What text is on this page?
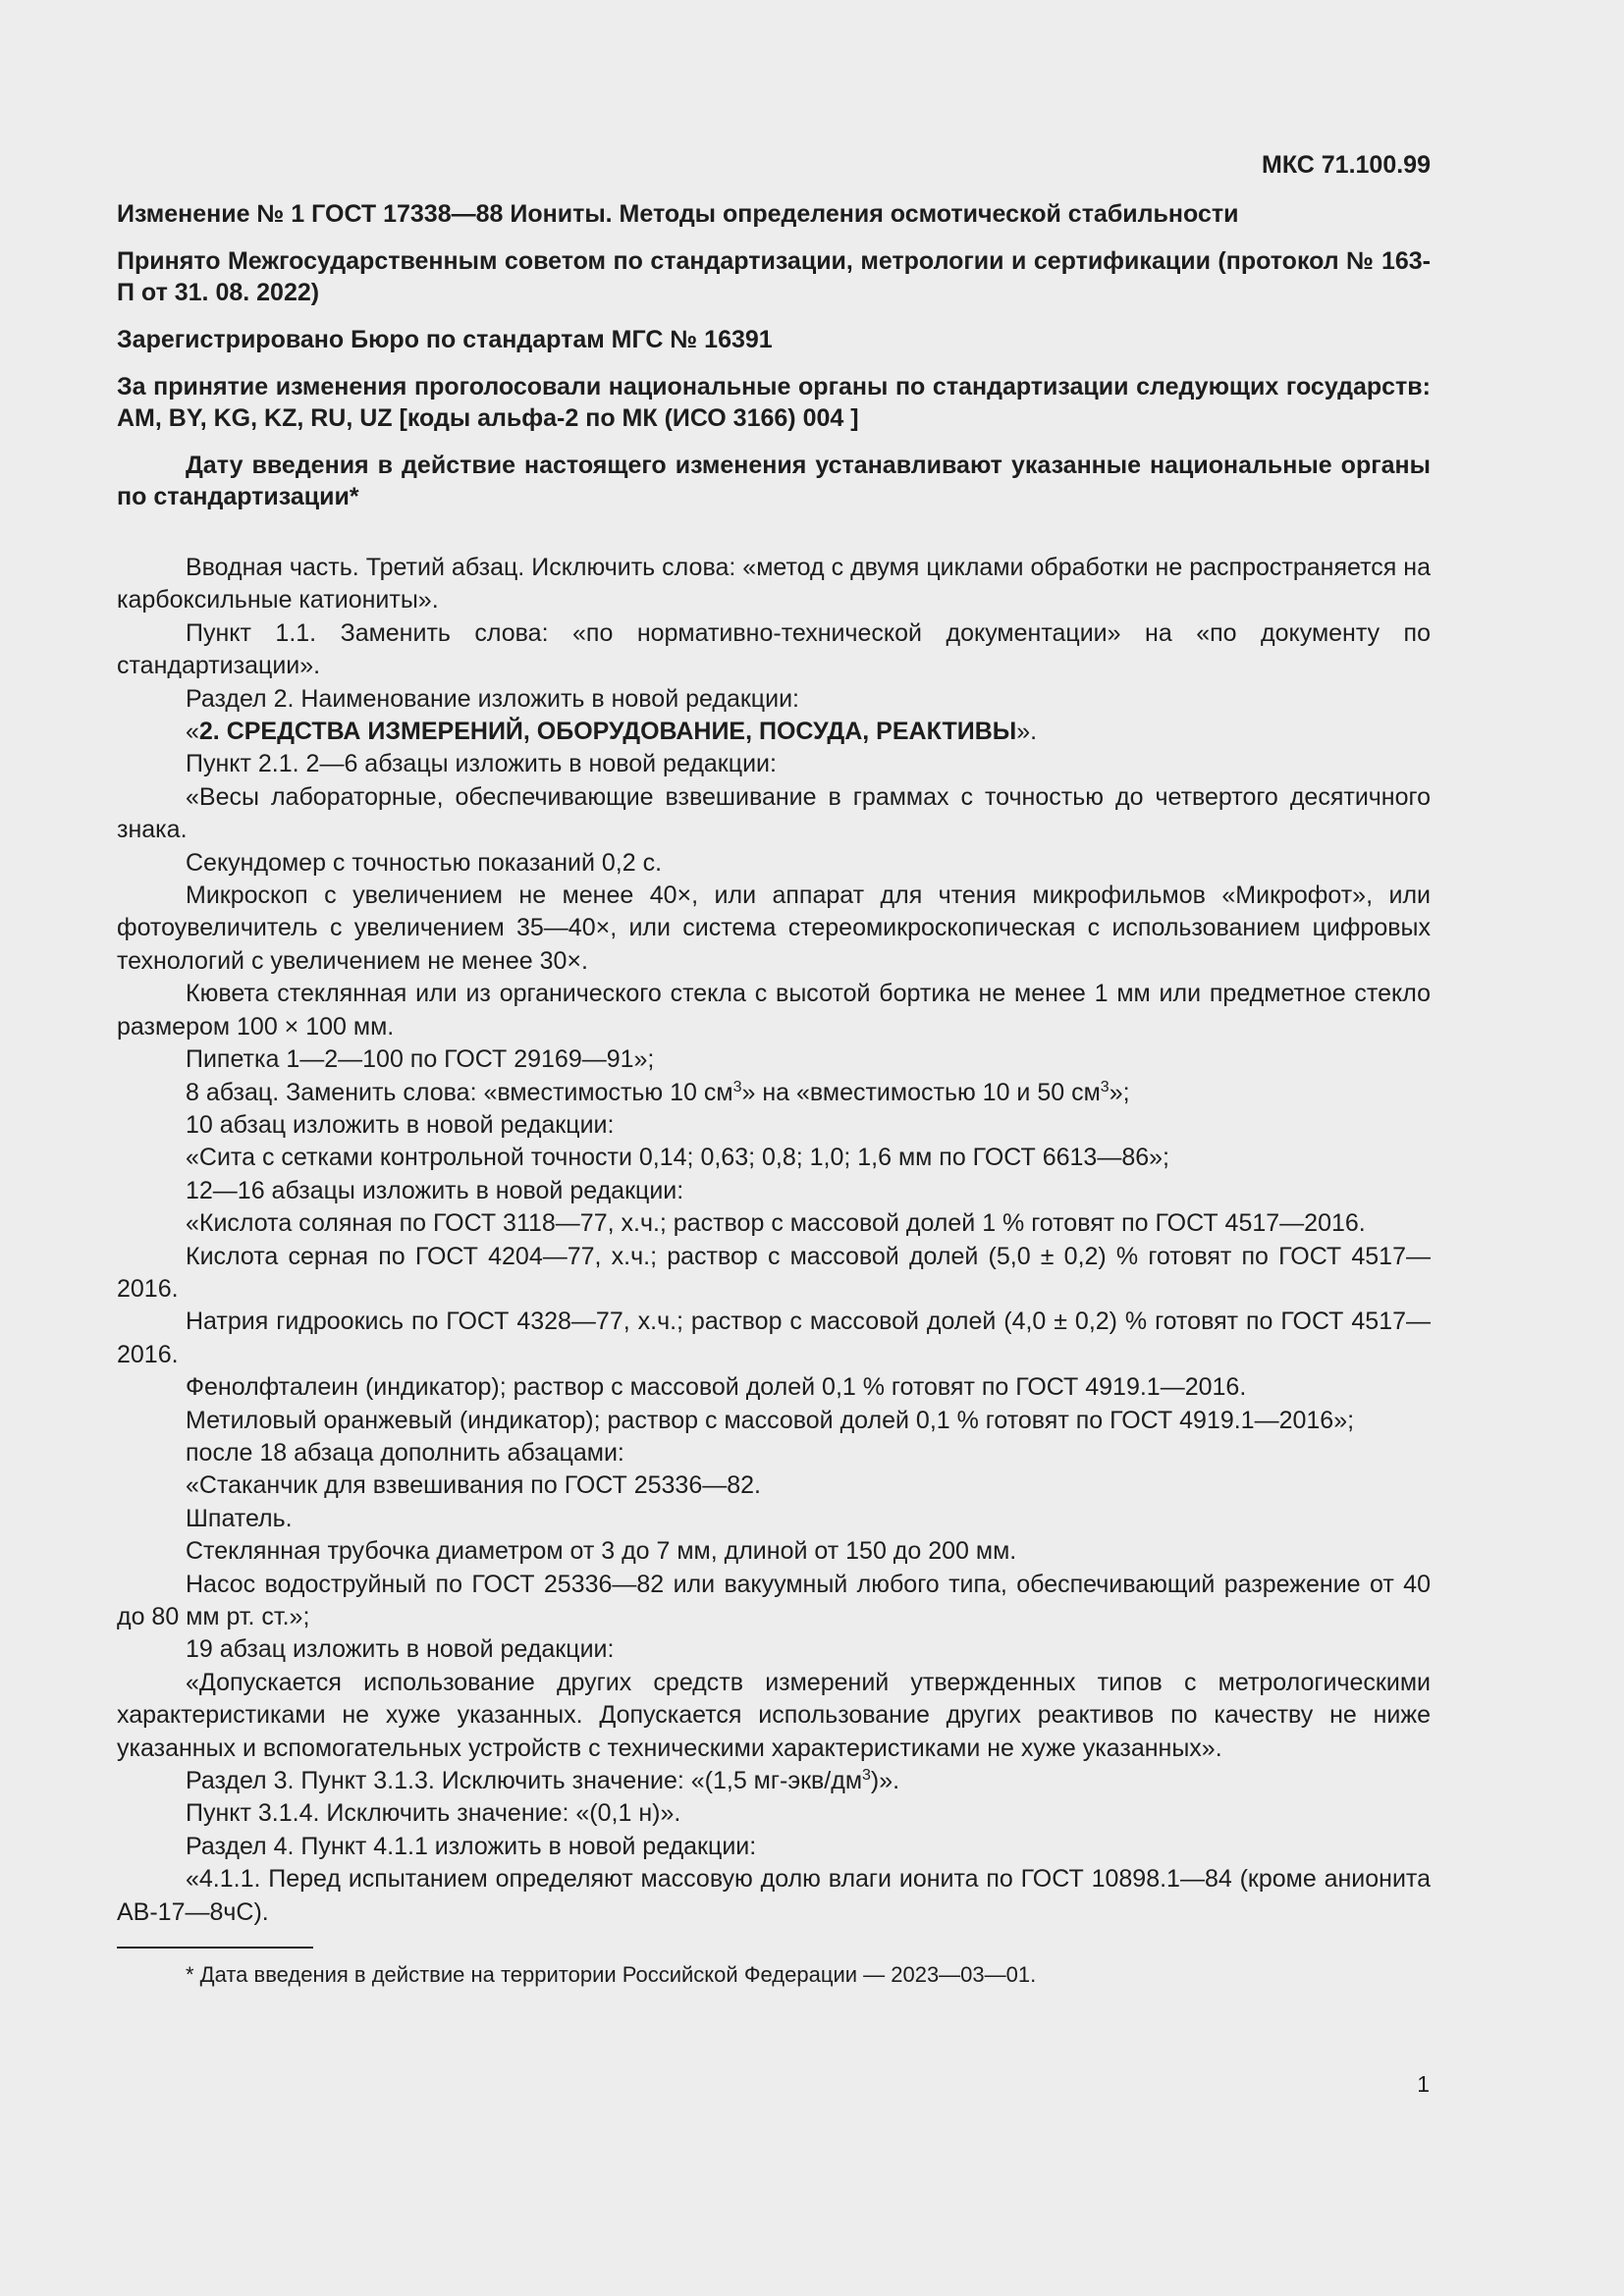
МКС 71.100.99
Изменение № 1 ГОСТ 17338—88 Иониты. Методы определения осмотической стабильности
Принято Межгосударственным советом по стандартизации, метрологии и сертификации (протокол № 163-П от 31. 08. 2022)
Зарегистрировано Бюро по стандартам МГС № 16391
За принятие изменения проголосовали национальные органы по стандартизации следующих государств: AM, BY, KG, KZ, RU, UZ [коды альфа-2 по МК (ИСО 3166) 004 ]
Дату введения в действие настоящего изменения устанавливают указанные национальные органы по стандартизации*

Вводная часть. Третий абзац. Исключить слова: «метод с двумя циклами обработки не распространяется на карбоксильные катиониты».

Пункт 1.1. Заменить слова: «по нормативно-технической документации» на «по документу по стандартизации».

Раздел 2. Наименование изложить в новой редакции:

«2. СРЕДСТВА ИЗМЕРЕНИЙ, ОБОРУДОВАНИЕ, ПОСУДА, РЕАКТИВЫ».

Пункт 2.1. 2—6 абзацы изложить в новой редакции:

«Весы лабораторные, обеспечивающие взвешивание в граммах с точностью до четвертого десятичного знака.

Секундомер с точностью показаний 0,2 с.

Микроскоп с увеличением не менее 40×, или аппарат для чтения микрофильмов «Микрофот», или фотоувеличитель с увеличением 35—40×, или система стереомикроскопическая с использованием цифровых технологий с увеличением не менее 30×.

Кювета стеклянная или из органического стекла с высотой бортика не менее 1 мм или предметное стекло размером 100 × 100 мм.

Пипетка 1—2—100 по ГОСТ 29169—91»;

8 абзац. Заменить слова: «вместимостью 10 $см^3$» на «вместимостью 10 и 50 $см^3$»;

10 абзац изложить в новой редакции:

«Сита с сетками контрольной точности 0,14; 0,63; 0,8; 1,0; 1,6 мм по ГОСТ 6613—86»;

12—16 абзацы изложить в новой редакции:

«Кислота соляная по ГОСТ 3118—77, х.ч.; раствор с массовой долей 1 % готовят по ГОСТ 4517—2016.

Кислота серная по ГОСТ 4204—77, х.ч.; раствор с массовой долей (5,0 ± 0,2) % готовят по ГОСТ 4517—2016.

Натрия гидроокись по ГОСТ 4328—77, х.ч.; раствор с массовой долей (4,0 ± 0,2) % готовят по ГОСТ 4517—2016.

Фенолфталеин (индикатор); раствор с массовой долей 0,1 % готовят по ГОСТ 4919.1—2016.

Метиловый оранжевый (индикатор); раствор с массовой долей 0,1 % готовят по ГОСТ 4919.1—2016»;

после 18 абзаца дополнить абзацами:

«Стаканчик для взвешивания по ГОСТ 25336—82.

Шпатель.

Стеклянная трубочка диаметром от 3 до 7 мм, длиной от 150 до 200 мм.

Насос водоструйный по ГОСТ 25336—82 или вакуумный любого типа, обеспечивающий разрежение от 40 до 80 мм рт. ст.»;

19 абзац изложить в новой редакции:

«Допускается использование других средств измерений утвержденных типов с метрологическими характеристиками не хуже указанных. Допускается использование других реактивов по качеству не ниже указанных и вспомогательных устройств с техническими характеристиками не хуже указанных».

Раздел 3. Пункт 3.1.3. Исключить значение: «(1,5 $мг-экв/дм^3$)».

Пункт 3.1.4. Исключить значение: «(0,1 н)».

Раздел 4. Пункт 4.1.1 изложить в новой редакции:

«4.1.1. Перед испытанием определяют массовую долю влаги ионита по ГОСТ 10898.1—84 (кроме анионита АВ-17—8чС).

* Дата введения в действие на территории Российской Федерации — 2023—03—01.
1
